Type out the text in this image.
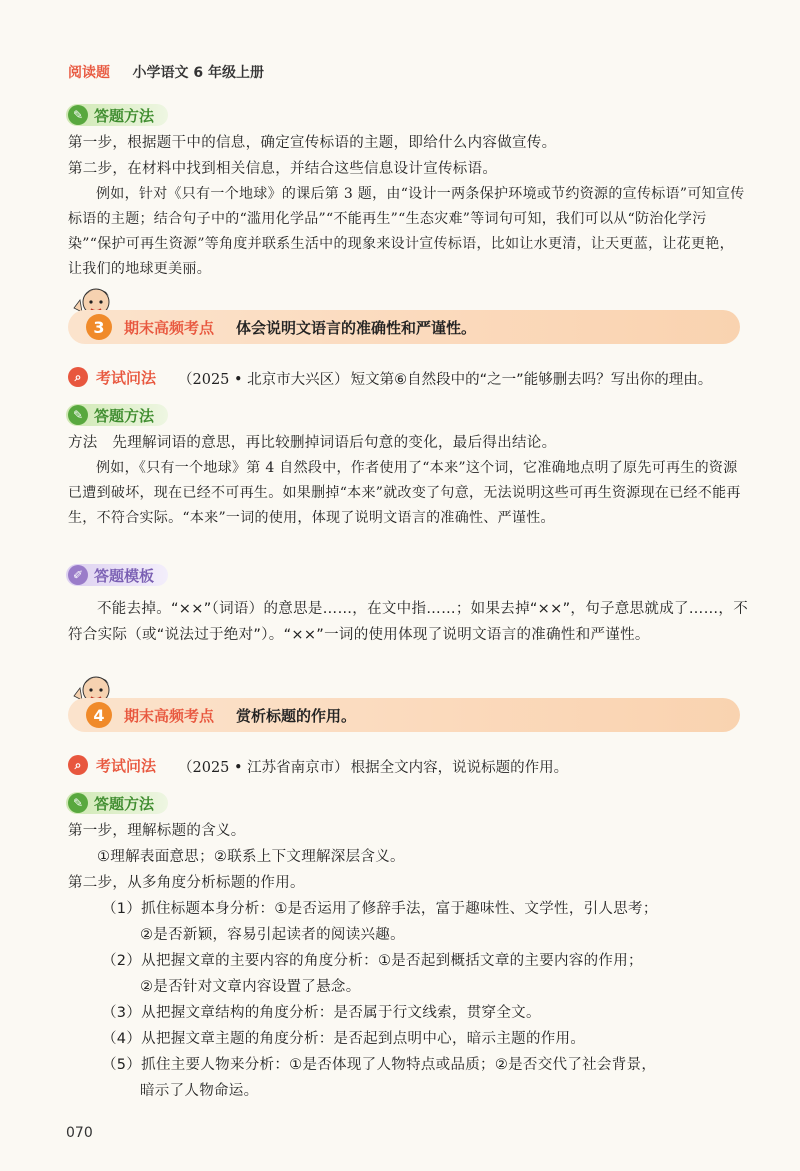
阅读题 小学语文 6 年级上册
✎ 答题方法

第一步，根据题干中的信息，确定宣传标语的主题，即给什么内容做宣传。

第二步，在材料中找到相关信息，并结合这些信息设计宣传标语。

例如，针对《只有一个地球》的课后第 3 题，由“设计一两条保护环境或节约资源的宣传标语”可知宣传标语的主题；结合句子中的“滥用化学品”“不能再生”“生态灾难”等词句可知，我们可以从“防治化学污染”“保护可再生资源”等角度并联系生活中的现象来设计宣传标语，比如让水更清，让天更蓝，让花更艳，让我们的地球更美丽。

3	期末高频考点 体会说明文语言的准确性和严谨性。
⌕ 考试问法 （2025 • 北京市大兴区） 短文第⑥自然段中的“之一”能够删去吗？写出你的理由。
✎ 答题方法

方法　先理解词语的意思，再比较删掉词语后句意的变化，最后得出结论。

例如，《只有一个地球》第 4 自然段中，作者使用了“本来”这个词，它准确地点明了原先可再生的资源已遭到破坏，现在已经不可再生。如果删掉“本来”就改变了句意，无法说明这些可再生资源现在已经不能再生，不符合实际。“本来”一词的使用，体现了说明文语言的准确性、严谨性。

✐ 答题模板

不能去掉。“××”（词语）的意思是……，在文中指……；如果去掉“××”，句子意思就成了……，不符合实际（或“说法过于绝对”）。“××”一词的使用体现了说明文语言的准确性和严谨性。

4	期末高频考点 赏析标题的作用。
⌕ 考试问法 （2025 • 江苏省南京市） 根据全文内容，说说标题的作用。
✎ 答题方法

第一步，理解标题的含义。

①理解表面意思；②联系上下文理解深层含义。

第二步，从多角度分析标题的作用。

（1）抓住标题本身分析：①是否运用了修辞手法，富于趣味性、文学性，引人思考；
②是否新颖，容易引起读者的阅读兴趣。
（2）从把握文章的主要内容的角度分析：①是否起到概括文章的主要内容的作用；
②是否针对文章内容设置了悬念。
（3）从把握文章结构的角度分析：是否属于行文线索，贯穿全文。
（4）从把握文章主题的角度分析：是否起到点明中心，暗示主题的作用。
（5）抓住主要人物来分析：①是否体现了人物特点或品质；②是否交代了社会背景，
暗示了人物命运。
070
